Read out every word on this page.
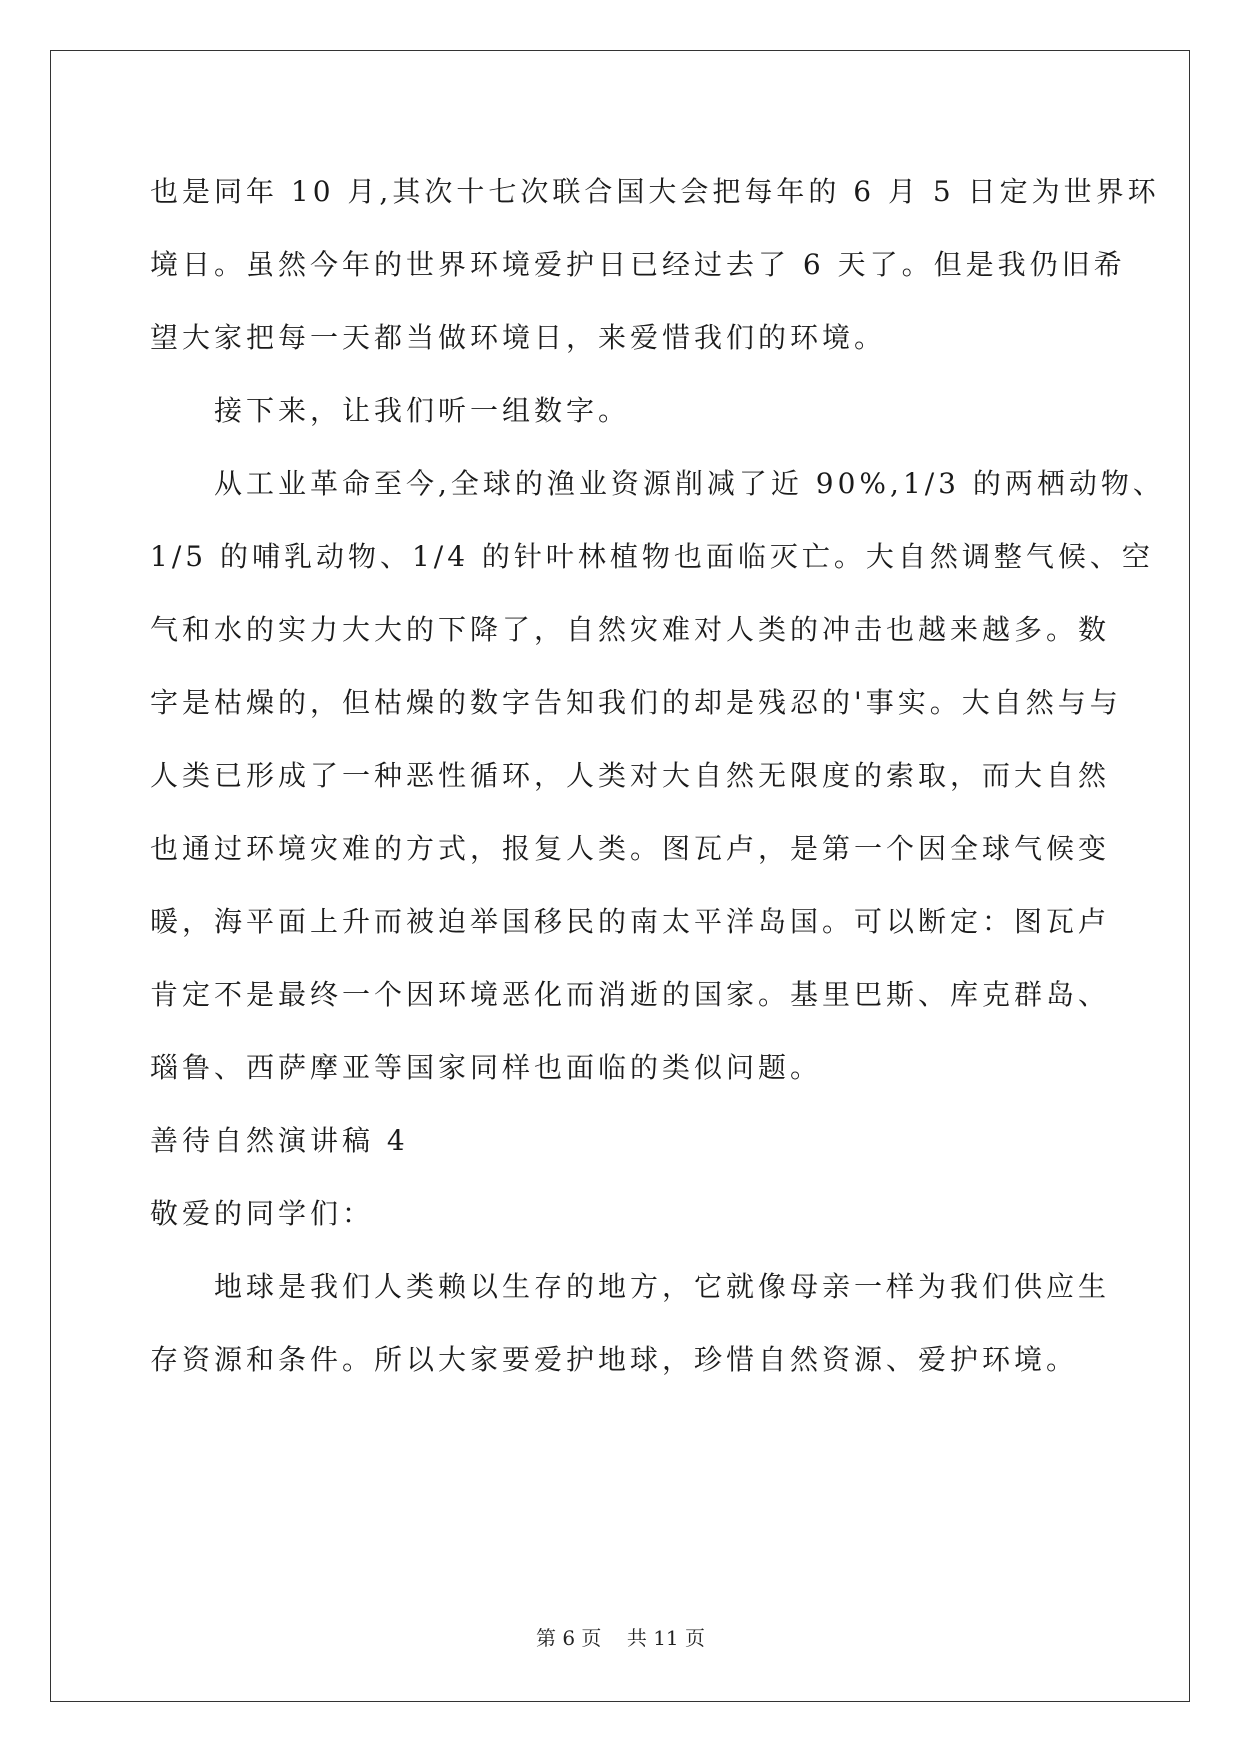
也是同年 10 月,其次十七次联合国大会把每年的 6 月 5 日定为世界环

境日。虽然今年的世界环境爱护日已经过去了 6 天了。但是我仍旧希

望大家把每一天都当做环境日，来爱惜我们的环境。

接下来，让我们听一组数字。

从工业革命至今,全球的渔业资源削减了近 90%,1/3 的两栖动物、

1/5 的哺乳动物、1/4 的针叶林植物也面临灭亡。大自然调整气候、空

气和水的实力大大的下降了，自然灾难对人类的冲击也越来越多。数

字是枯燥的，但枯燥的数字告知我们的却是残忍的'事实。大自然与与

人类已形成了一种恶性循环，人类对大自然无限度的索取，而大自然

也通过环境灾难的方式，报复人类。图瓦卢，是第一个因全球气候变

暖，海平面上升而被迫举国移民的南太平洋岛国。可以断定：图瓦卢

肯定不是最终一个因环境恶化而消逝的国家。基里巴斯、库克群岛、

瑙鲁、西萨摩亚等国家同样也面临的类似问题。

善待自然演讲稿 4

敬爱的同学们：

地球是我们人类赖以生存的地方，它就像母亲一样为我们供应生

存资源和条件。所以大家要爱护地球，珍惜自然资源、爱护环境。

第 6 页    共 11 页
